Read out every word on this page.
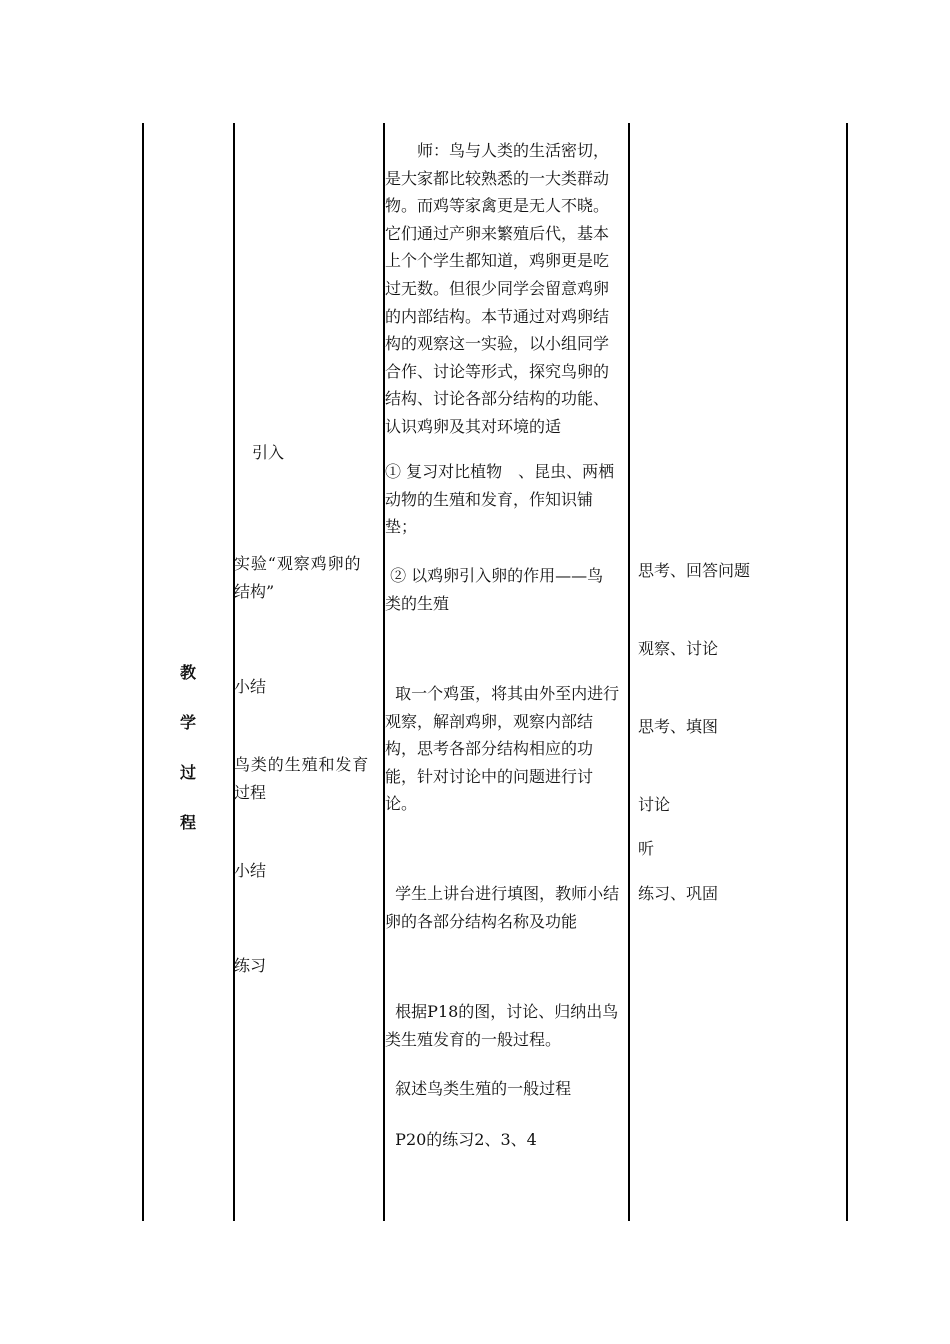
教
学
过
程
引入
实验“观察鸡卵的
结构”
小结
鸟类的生殖和发育
过程
小结
练习
　　师：鸟与人类的生活密切，
是大家都比较熟悉的一大类群动
物。而鸡等家禽更是无人不晓。
它们通过产卵来繁殖后代，基本
上个个学生都知道，鸡卵更是吃
过无数。但很少同学会留意鸡卵
的内部结构。本节通过对鸡卵结
构的观察这一实验，以小组同学
合作、讨论等形式，探究鸟卵的
结构、讨论各部分结构的功能、
认识鸡卵及其对环境的适
① 复习对比植物　、昆虫、两栖
动物的生殖和发育，作知识铺
垫；
② 以鸡卵引入卵的作用——鸟
类的生殖
取一个鸡蛋，将其由外至内进行
观察，解剖鸡卵，观察内部结
构，思考各部分结构相应的功
能，针对讨论中的问题进行讨
论。
学生上讲台进行填图，教师小结
卵的各部分结构名称及功能
根据P18的图，讨论、归纳出鸟
类生殖发育的一般过程。
叙述鸟类生殖的一般过程
P20的练习2、3、4
思考、回答问题
观察、讨论
思考、填图
讨论
听
练习、巩固
